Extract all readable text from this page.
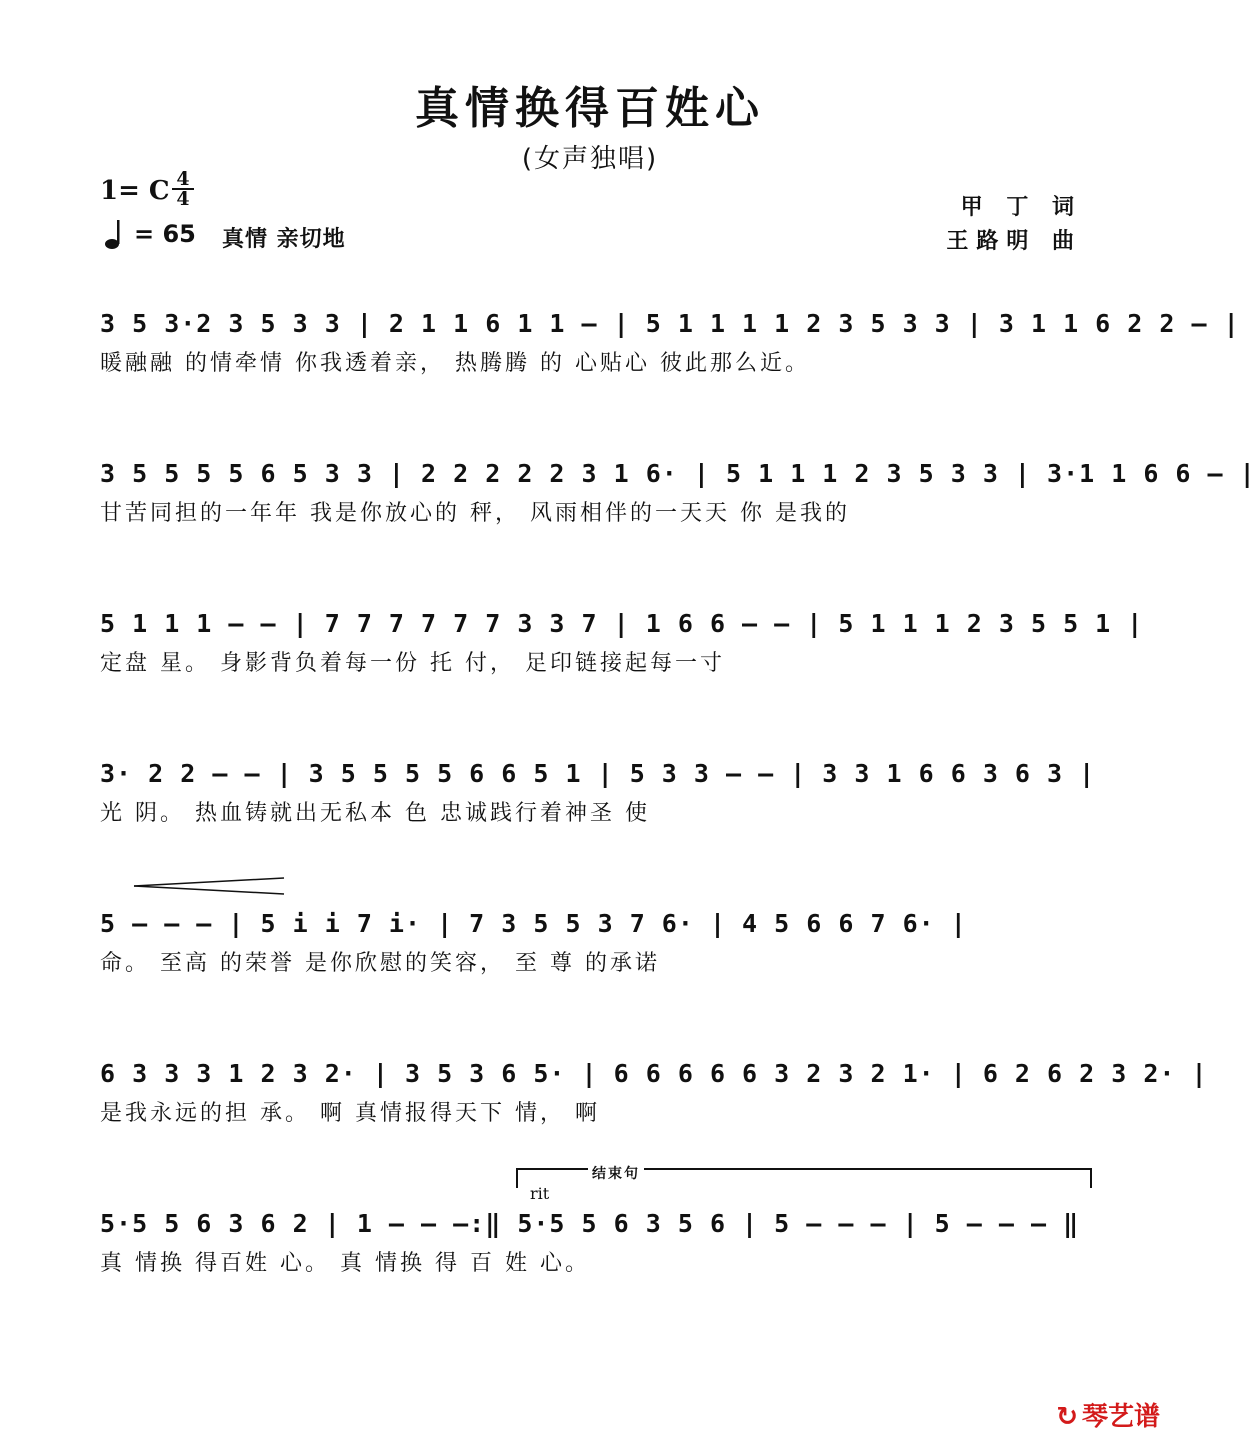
真情换得百姓心
(女声独唱)
1= C 4
4
= 65 真情 亲切地
甲 丁 词
王路明 曲
3 5 3·2 3 5 3 3 | 2 1 1 6 1 1 — | 5 1 1 1 1 2 3 5 3 3 | 3 1 1 6 2 2 — |
暖融融 的情牵情 你我透着亲， 热腾腾 的 心贴心 彼此那么近。
3 5 5 5 5 6 5 3 3 | 2 2 2 2 2 3 1 6· | 5 1 1 1 2 3 5 3 3 | 3·1 1 6 6 — |
甘苦同担的一年年 我是你放心的 秤， 风雨相伴的一天天 你 是我的
5 1 1 1 — — | 7 7 7 7 7 7 3 3 7 | 1 6 6 — — | 5 1 1 1 2 3 5 5 1 |
定盘 星。 身影背负着每一份 托 付， 足印链接起每一寸
3· 2 2 — — | 3 5 5 5 5 6 6 5 1 | 5 3 3 — — | 3 3 1 6 6 3 6 3 |
光 阴。 热血铸就出无私本 色 忠诚践行着神圣 使
5 — — — | 5 i i 7 i· | 7 3 5 5 3 7 6· | 4 5 6 6 7 6· |
命。 至高 的荣誉 是你欣慰的笑容， 至 尊 的承诺
6 3 3 3 1 2 3 2· | 3 5 3 6 5· | 6 6 6 6 6 3 2 3 2 1· | 6 2 6 2 3 2· |
是我永远的担 承。 啊 真情报得天下 情， 啊
结束句
rit
5·5 5 6 3 6 2 | 1 — — —:‖ 5·5 5 6 3 5 6 | 5 — — — | 5 — — — ‖
真 情换 得百姓 心。 真 情换 得 百 姓 心。
↻ 琴艺谱
